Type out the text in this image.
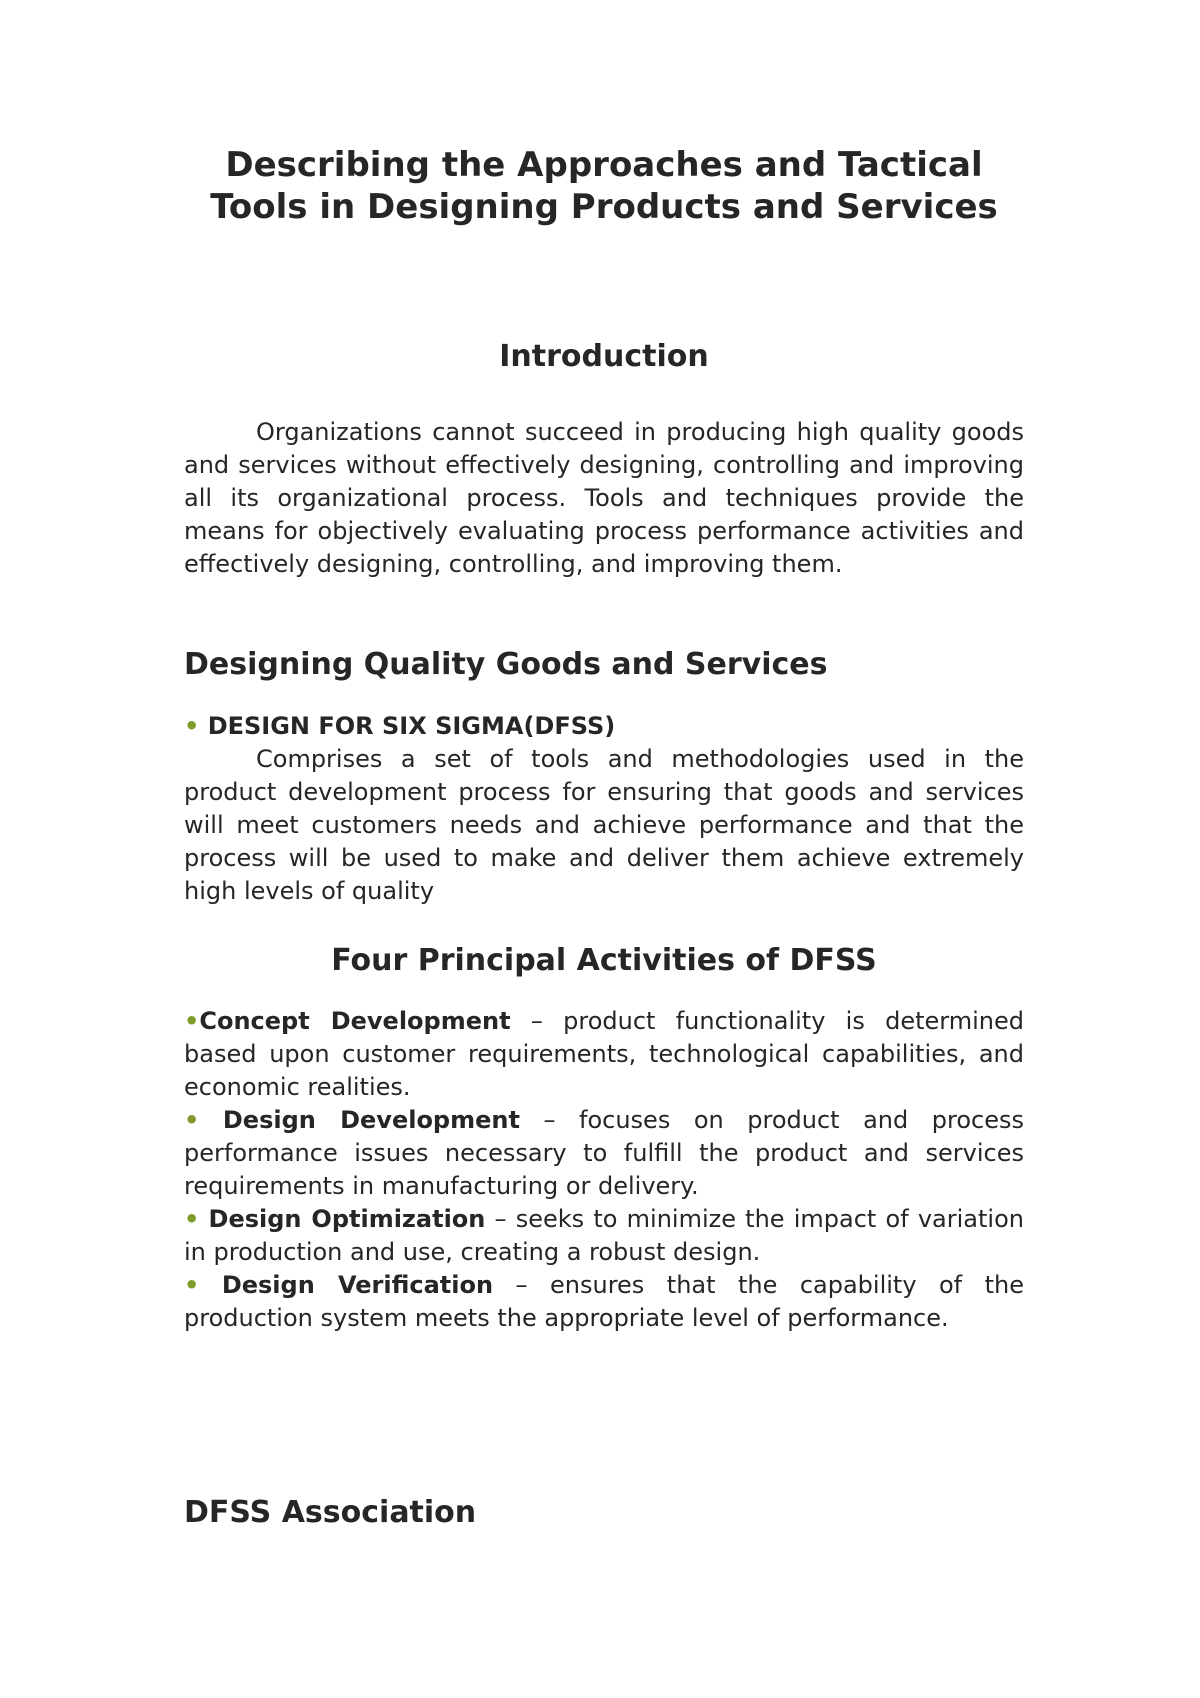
Describing the Approaches and Tactical Tools in Designing Products and Services
Introduction

Organizations cannot succeed in producing high quality goods and services without effectively designing, controlling and improving all its organizational process. Tools and techniques provide the means for objectively evaluating process performance activities and effectively designing, controlling, and improving them.

Designing Quality Goods and Services

• DESIGN FOR SIX SIGMA(DFSS)

Comprises a set of tools and methodologies used in the product development process for ensuring that goods and services will meet customers needs and achieve performance and that the process will be used to make and deliver them achieve extremely high levels of quality

Four Principal Activities of DFSS
•Concept Development – product functionality is determined based upon customer requirements, technological capabilities, and economic realities.
• Design Development – focuses on product and process performance issues necessary to fulfill the product and services requirements in manufacturing or delivery.
• Design Optimization – seeks to minimize the impact of variation in production and use, creating a robust design.
• Design Verification – ensures that the capability of the production system meets the appropriate level of performance.
DFSS Association
